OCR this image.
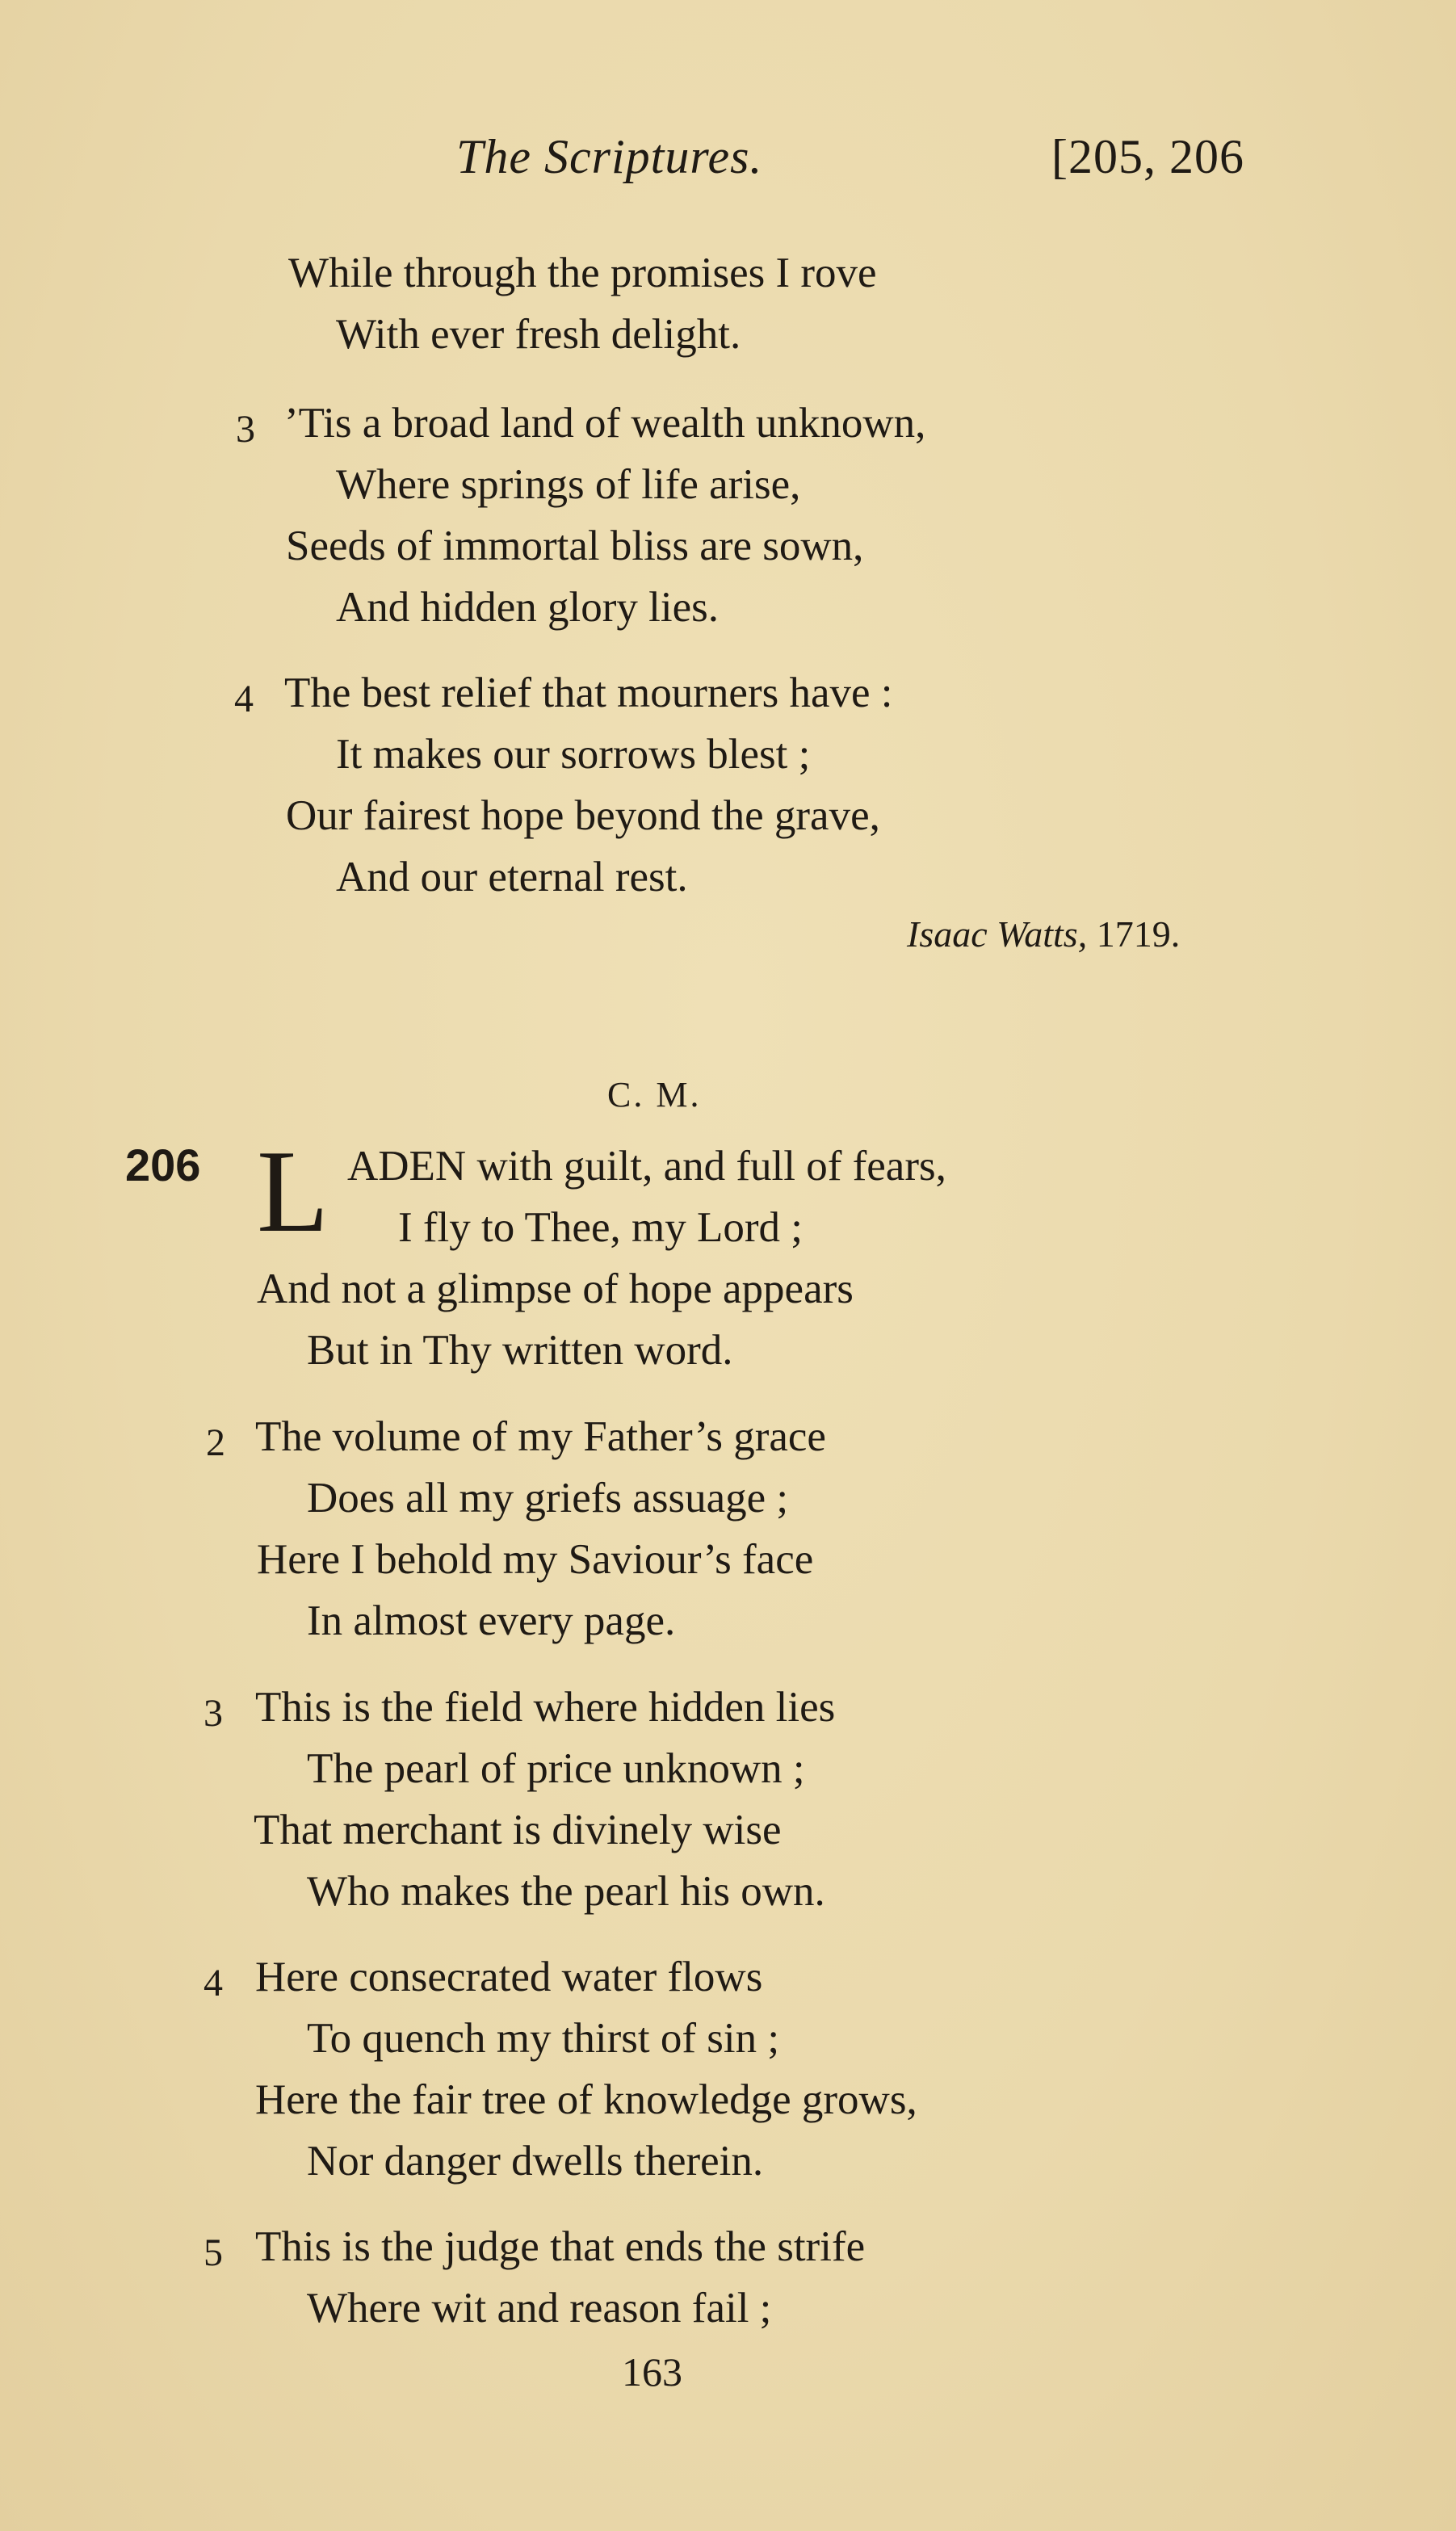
The Scriptures.	[205, 206
While through the promises I rove
With ever fresh delight.
3 ’Tis a broad land of wealth unknown,
Where springs of life arise,
Seeds of immortal bliss are sown,
And hidden glory lies.
4 The best relief that mourners have :
It makes our sorrows blest ;
Our fairest hope beyond the grave,
And our eternal rest.
Isaac Watts, 1719.
C. M.
206 L ADEN with guilt, and full of fears,
I fly to Thee, my Lord ;
And not a glimpse of hope appears
But in Thy written word.
2 The volume of my Father’s grace
Does all my griefs assuage ;
Here I behold my Saviour’s face
In almost every page.
3 This is the field where hidden lies
The pearl of price unknown ;
That merchant is divinely wise
Who makes the pearl his own.
4 Here consecrated water flows
To quench my thirst of sin ;
Here the fair tree of knowledge grows,
Nor danger dwells therein.
5 This is the judge that ends the strife
Where wit and reason fail ;
163
